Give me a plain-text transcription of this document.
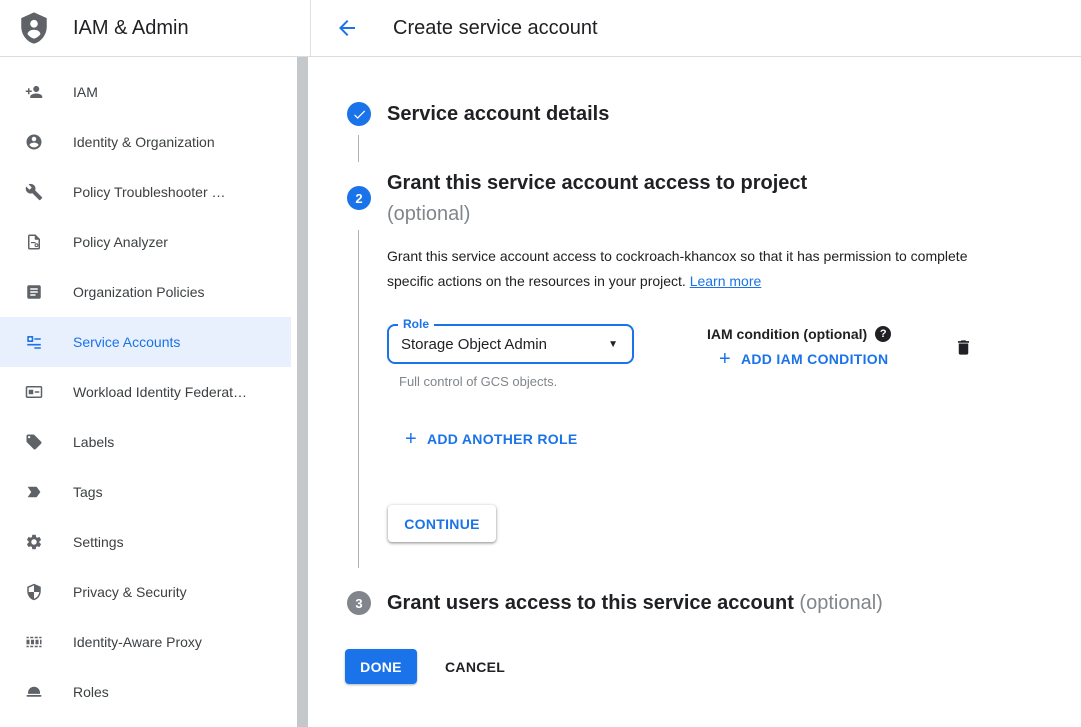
IAM & Admin	Create service account
IAM
Identity & Organization
Policy Troubleshooter …
Policy Analyzer
Organization Policies
Service Accounts
Workload Identity Federat…
Labels
Tags
Settings
Privacy & Security
Identity-Aware Proxy
Roles
Service account details
2
Grant this service account access to project
(optional)

Grant this service account access to cockroach-khancox so that it has permission to complete specific actions on the resources in your project. Learn more

Role
Storage Object Admin	▼
Full control of GCS objects.
IAM condition (optional)	?
+ ADD IAM CONDITION
+ ADD ANOTHER ROLE
CONTINUE
3	Grant users access to this service account (optional)
DONE	CANCEL
